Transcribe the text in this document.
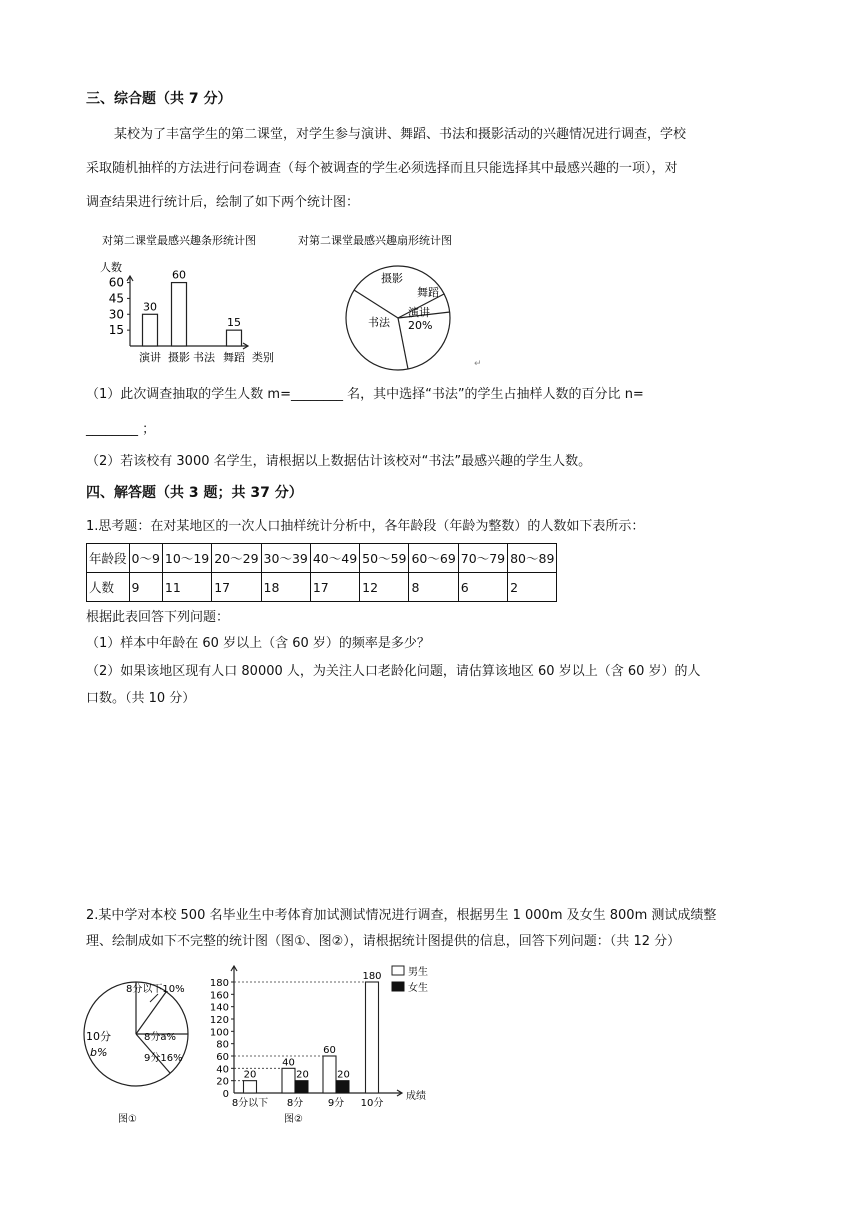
三、综合题（共 7 分）
某校为了丰富学生的第二课堂，对学生参与演讲、舞蹈、书法和摄影活动的兴趣情况进行调查，学校
采取随机抽样的方法进行问卷调查（每个被调查的学生必须选择而且只能选择其中最感兴趣的一项），对
调查结果进行统计后，绘制了如下两个统计图：
对第二课堂最感兴趣条形统计图
人数
类别
15
30
45
60
30
60
15
演讲 摄影 书法 舞蹈
对第二课堂最感兴趣扇形统计图
摄影
舞蹈
演讲
20%
书法
↵
（1）此次调查抽取的学生人数 m=________ 名，其中选择“书法”的学生占抽样人数的百分比 n=
________ ；
（2）若该校有 3000 名学生，请根据以上数据估计该校对“书法”最感兴趣的学生人数。
四、解答题（共 3 题；共 37 分）
1.思考题：在对某地区的一次人口抽样统计分析中，各年龄段（年龄为整数）的人数如下表所示：
年龄段	0～9	10～19	20～29	30～39	40～49	50～59	60～69	70～79	80～89
人数	9	11	17	18	17	12	8	6	2
根据此表回答下列问题：
（1）样本中年龄在 60 岁以上（含 60 岁）的频率是多少？
（2）如果该地区现有人口 80000 人，为关注人口老龄化问题，请估算该地区 60 岁以上（含 60 岁）的人
口数。（共 10 分）
2.某中学对本校 500 名毕业生中考体育加试测试情况进行调查，根据男生 1 000m 及女生 800m 测试成绩整
理、绘制成如下不完整的统计图（图①、图②），请根据统计图提供的信息，回答下列问题：（共 12 分）
8分以下10%
8分a%
9分16%
10分
b%
图①
0
20
40
60
80
100
120
140
160
180
20
40
20
60
20
180
8分以下 8分 9分 10分
男生
女生
成绩
图②
